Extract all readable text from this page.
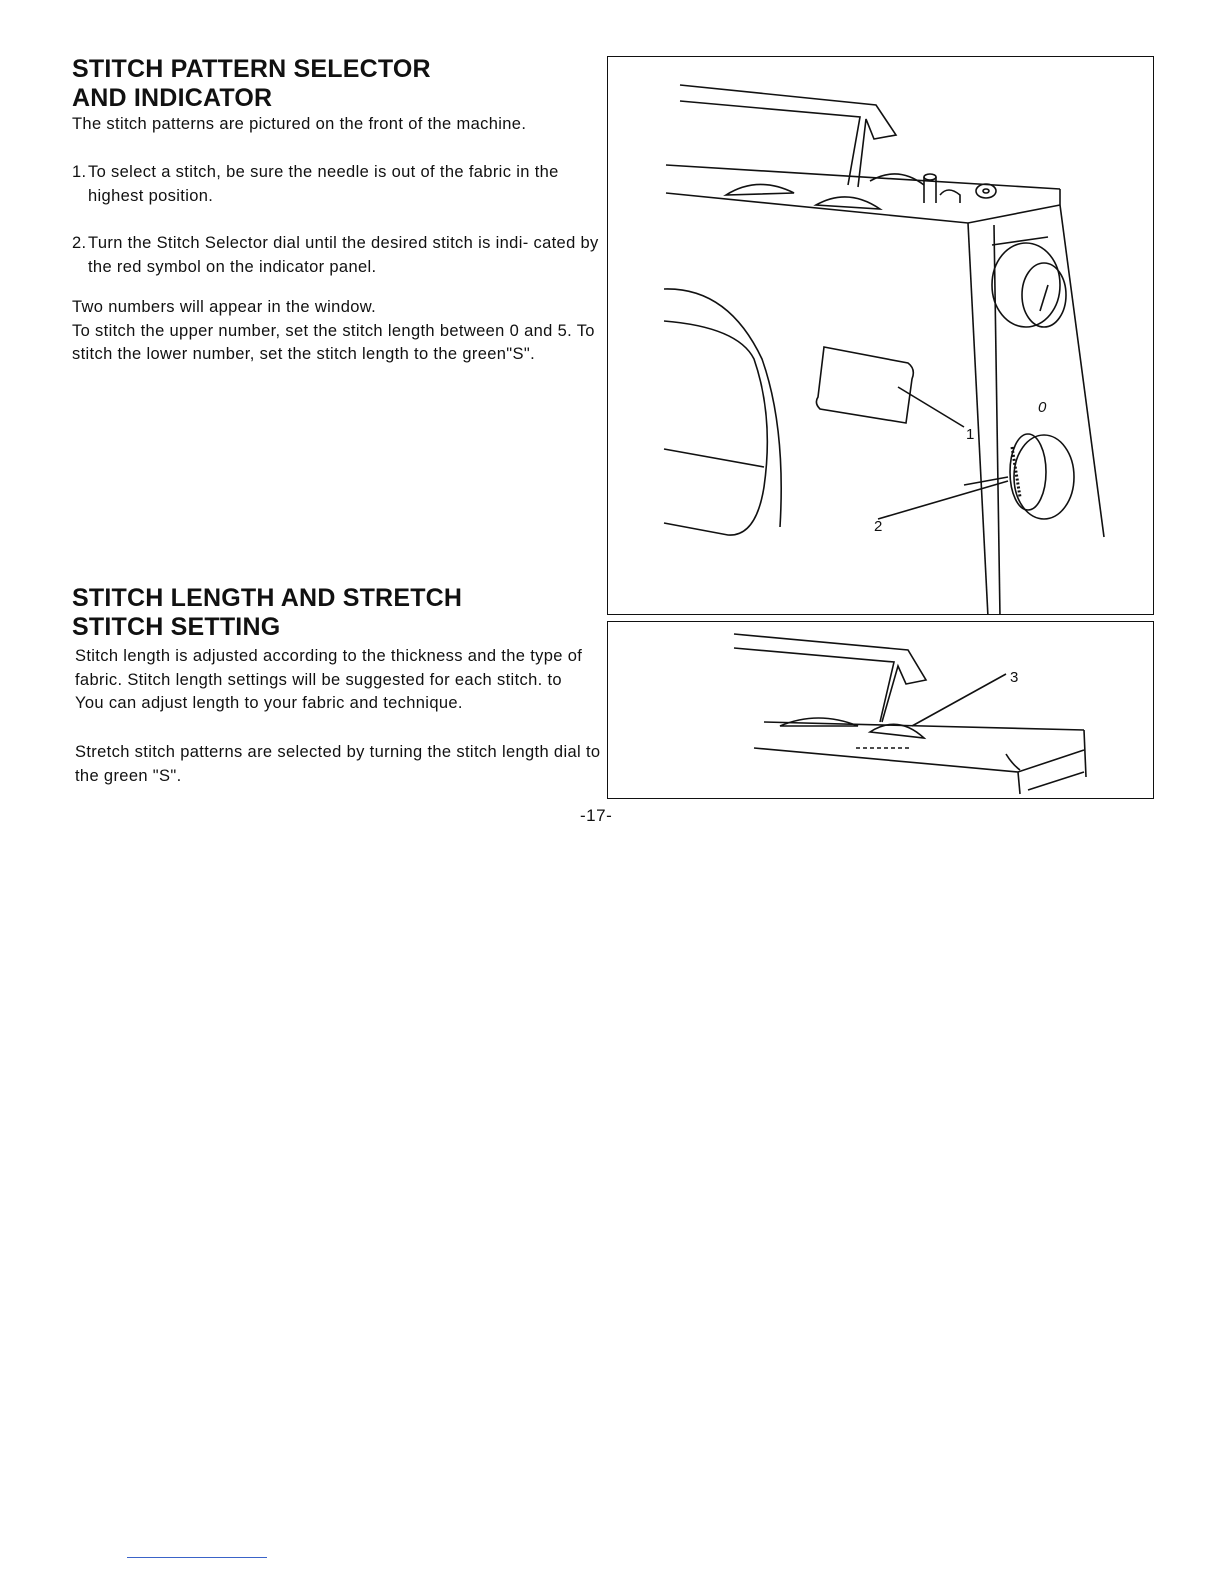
STITCH PATTERN SELECTOR
AND INDICATOR

The stitch patterns are pictured on the front of the machine.

1.To select a stitch, be sure the needle is out of the fabric in the highest position.

2.Turn the Stitch Selector dial until the desired stitch is indi- cated by the red symbol on the indicator panel.

Two numbers will appear in the window.
To stitch the upper number, set the stitch length between 0 and 5. To stitch the lower number, set the stitch length to the green"S".

1
2
0
STITCH LENGTH AND STRETCH
STITCH SETTING

Stitch length is adjusted according to the thickness and the type of fabric. Stitch length settings will be suggested for each stitch. to You can adjust length to your fabric and technique.

Stretch stitch patterns are selected by turning the stitch length dial to the green "S".

3
-17-
